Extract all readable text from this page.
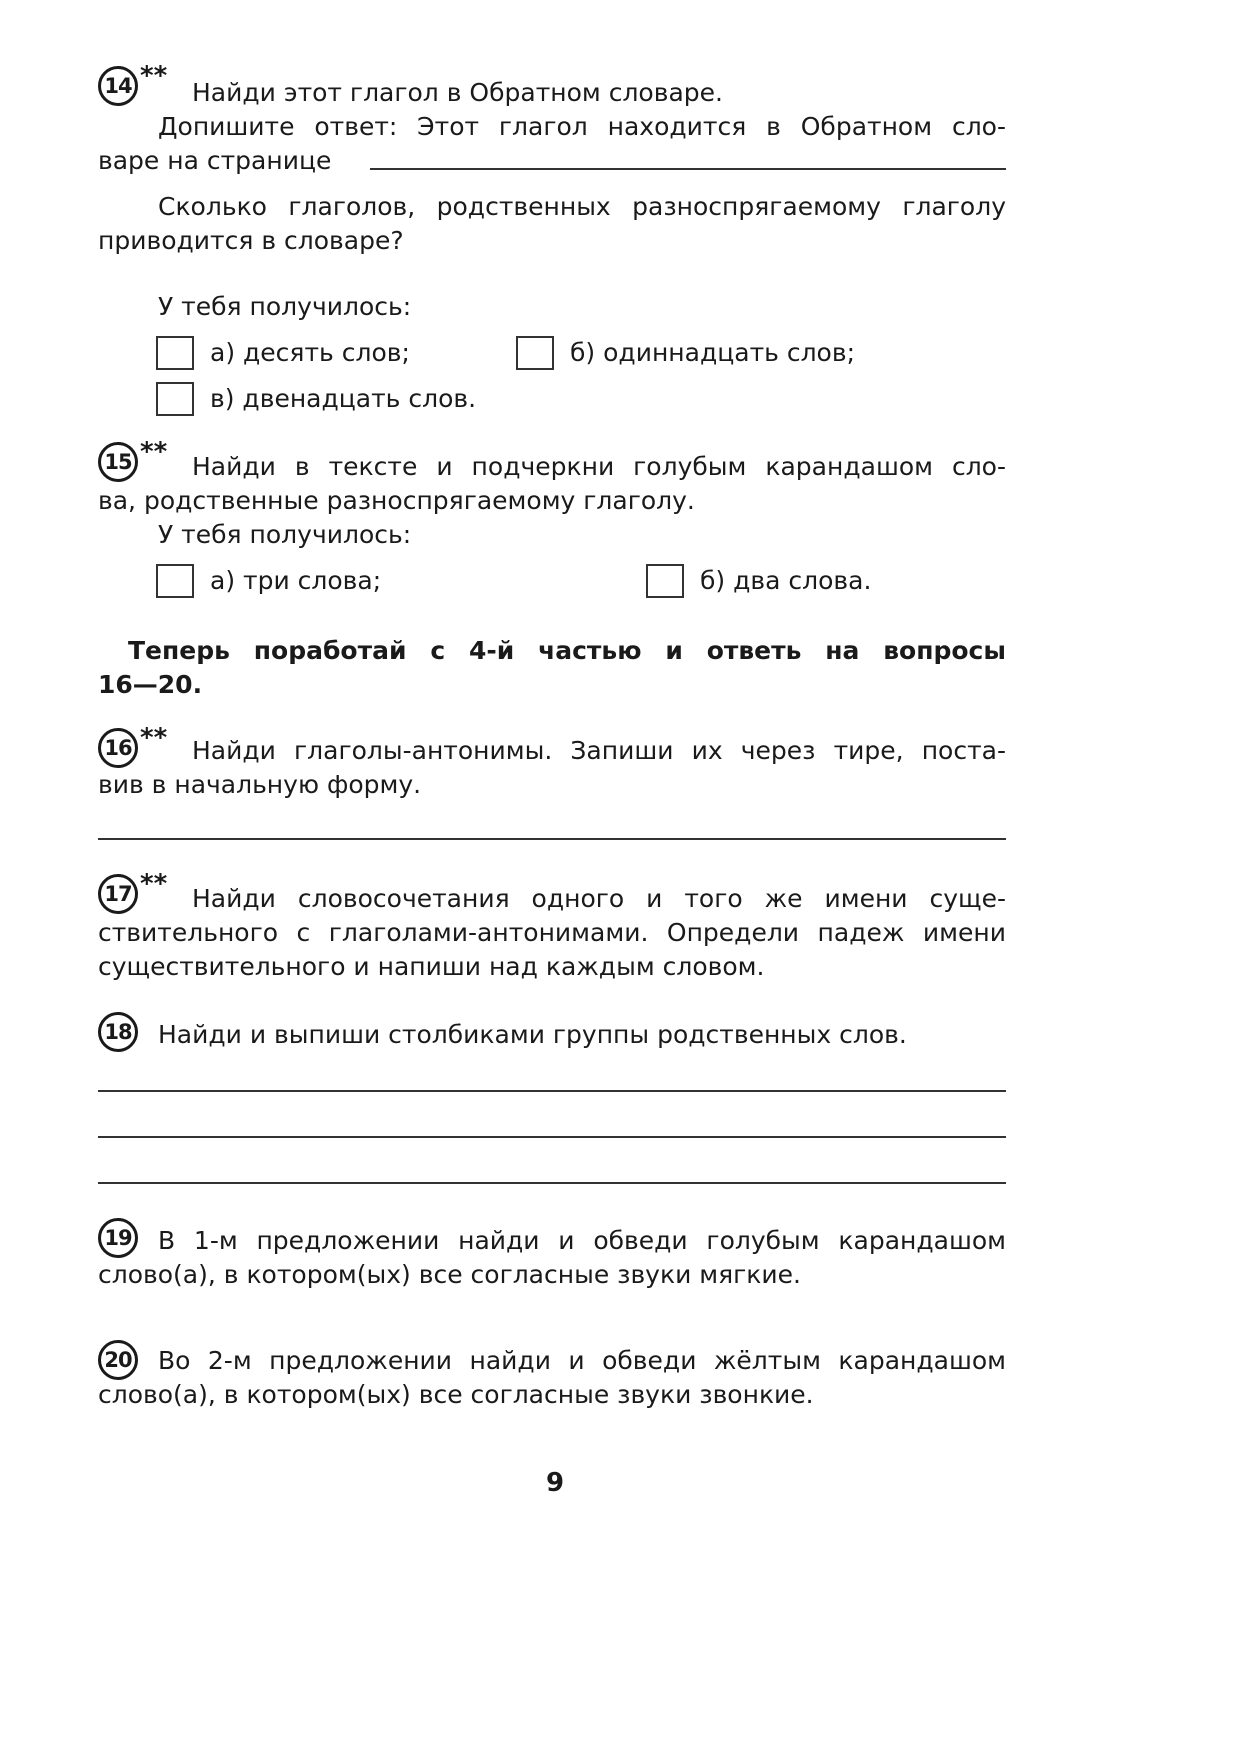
14 **
Найди этот глагол в Обратном словаре.
Допишите ответ: Этот глагол находится в Обратном сло-
варе на странице
Сколько глаголов, родственных разноспрягаемому глаголу
приводится в словаре?
У тебя получилось:
а) десять слов;	б) одиннадцать слов;
в) двенадцать слов.
15 ** Найди в тексте и подчеркни голубым карандашом сло-
ва, родственные разноспрягаемому глаголу.
У тебя получилось:
а) три слова;	б) два слова.
Теперь поработай с 4-й частью и ответь на вопросы
16—20.
16 ** Найди глаголы-антонимы. Запиши их через тире, поста-
вив в начальную форму.
17 ** Найди словосочетания одного и того же имени суще-
ствительного с глаголами-антонимами. Определи падеж имени
существительного и напиши над каждым словом.
18 Найди и выпиши столбиками группы родственных слов.
19 В 1-м предложении найди и обведи голубым карандашом
слово(а), в котором(ых) все согласные звуки мягкие.
20 Во 2-м предложении найди и обведи жёлтым карандашом
слово(а), в котором(ых) все согласные звуки звонкие.
9
